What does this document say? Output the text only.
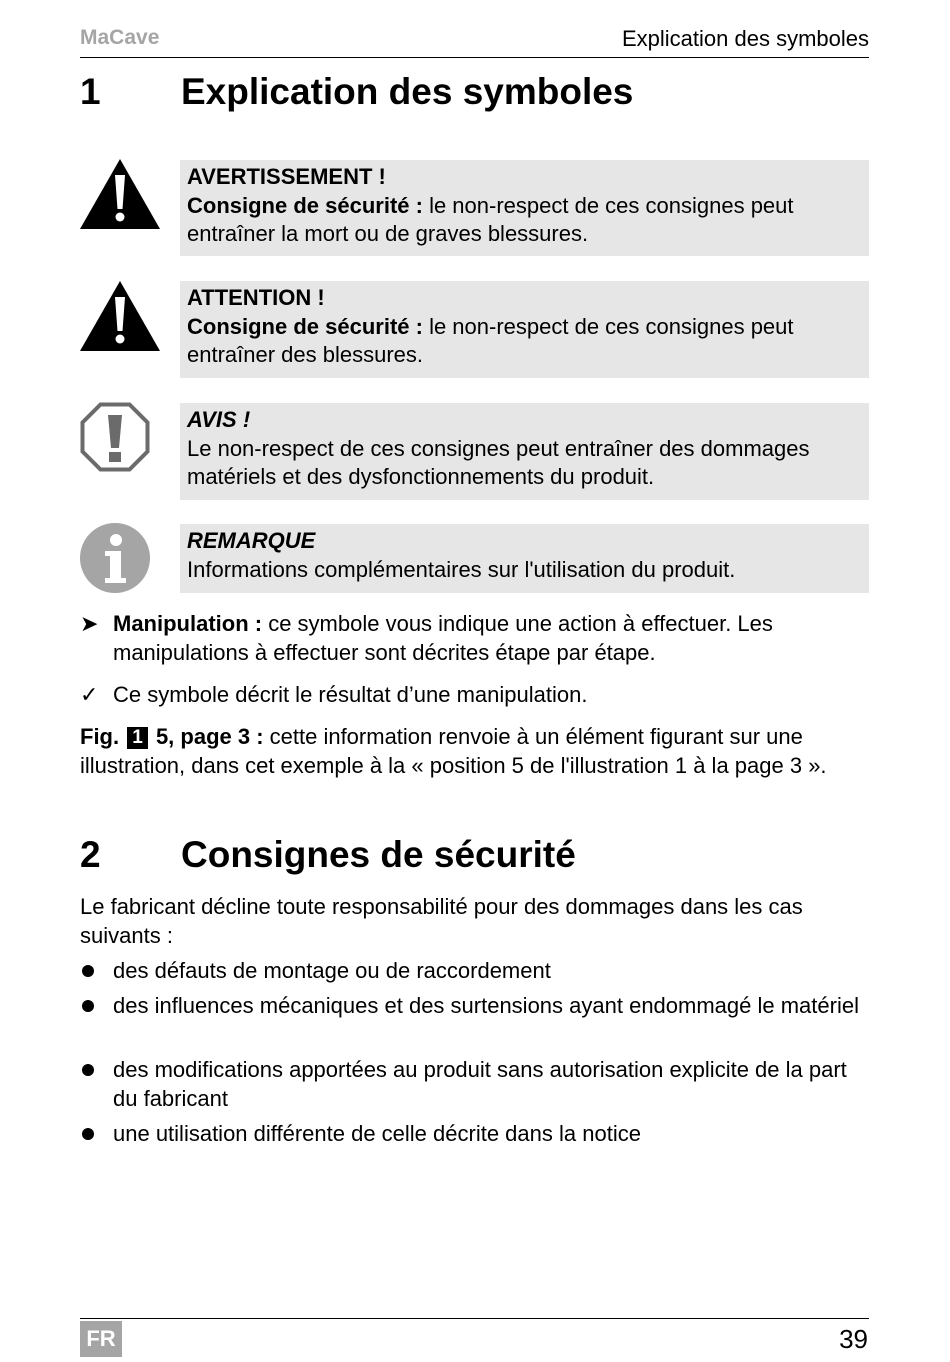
MaCave	Explication des symboles
1 Explication des symboles
AVERTISSEMENT !
Consigne de sécurité : le non-respect de ces consignes peut entraîner la mort ou de graves blessures.
ATTENTION !
Consigne de sécurité : le non-respect de ces consignes peut entraîner des blessures.
AVIS !
Le non-respect de ces consignes peut entraîner des dommages matériels et des dysfonctionnements du produit.
REMARQUE
Informations complémentaires sur l'utilisation du produit.
➤ Manipulation : ce symbole vous indique une action à effectuer. Les manipulations à effectuer sont décrites étape par étape.
✓ Ce symbole décrit le résultat d’une manipulation.
Fig. 1 5, page 3 : cette information renvoie à un élément figurant sur une illustration, dans cet exemple à la « position 5 de l'illustration 1 à la page 3 ».
2 Consignes de sécurité
Le fabricant décline toute responsabilité pour des dommages dans les cas suivants :
des défauts de montage ou de raccordement
des influences mécaniques et des surtensions ayant endommagé le matériel
des modifications apportées au produit sans autorisation explicite de la part du fabricant
une utilisation différente de celle décrite dans la notice
FR	39
